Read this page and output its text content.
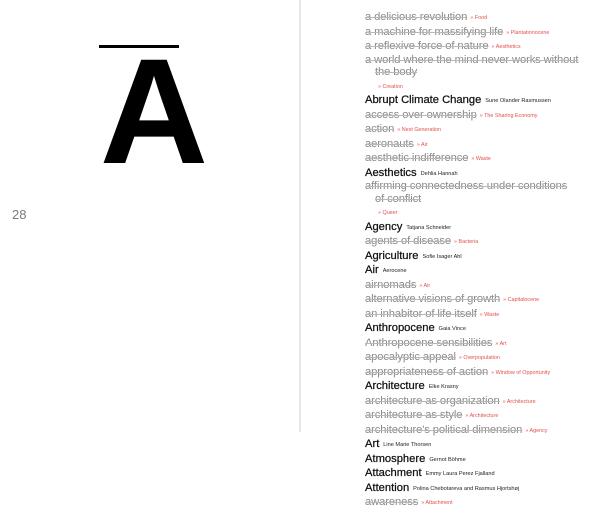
A
28
a delicious revolution » Food
a machine for massifying life » Plantationocene
a reflexive force of nature » Aesthetics
a world where the mind never works without
the body
» Creation
Abrupt Climate Change Sune Olander Rasmussen
access over ownership » The Sharing Economy
action » Next Generation
aeronauts » Air
aesthetic indifference » Waste
Aesthetics Dehlia Hannah
affirming connectedness under conditions
of conflict
» Queer
Agency Tatjana Schneider
agents of disease » Bacteria
Agriculture Sofie Isager Ahl
Air Aerocene
airnomads » Air
alternative visions of growth » Capitalocene
an inhabitor of life itself » Waste
Anthropocene Gaia Vince
Anthropocene sensibilities » Art
apocalyptic appeal » Overpopulation
appropriateness of action » Window of Opportunity
Architecture Elke Krasny
architecture as organization » Architecture
architecture as style » Architecture
architecture's political dimension » Agency
Art Line Marie Thorsen
Atmosphere Gernot Böhme
Attachment Emmy Laura Perez Fjalland
Attention Polina Chebotareva and Rasmus Hjortshøj
awareness » Attachment
